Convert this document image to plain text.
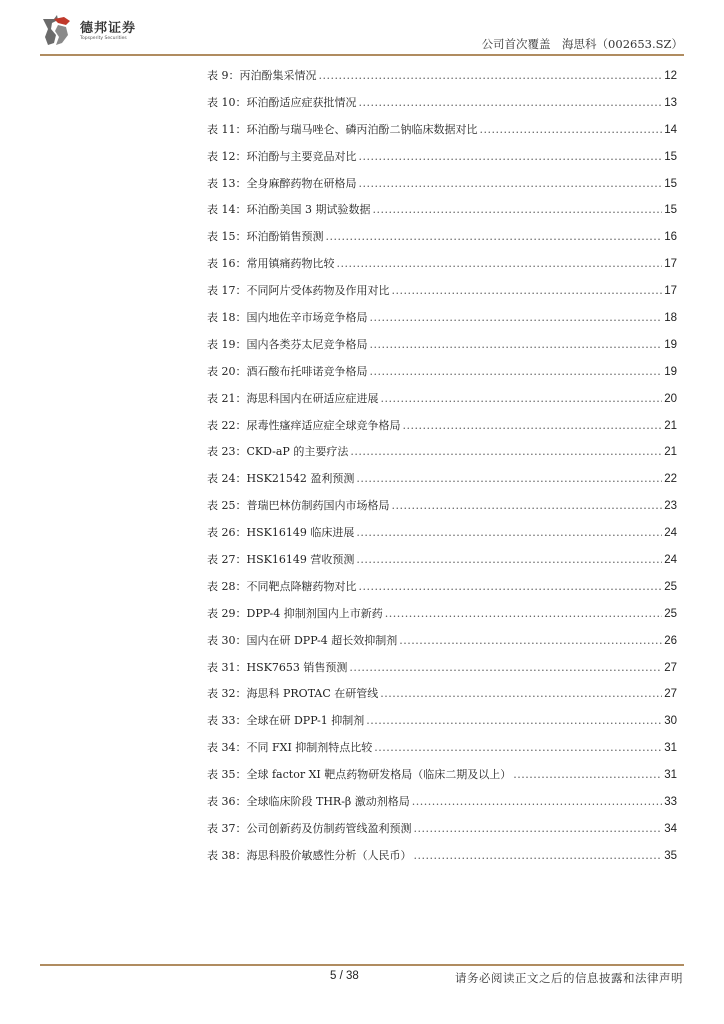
德邦证券
Topsperity Securities	公司首次覆盖　海思科（002653.SZ）
表 9：丙泊酚集采情况 .....	12
表 10：环泊酚适应症获批情况 .....	13
表 11：环泊酚与瑞马唑仑、磷丙泊酚二钠临床数据对比 .....	14
表 12：环泊酚与主要竞品对比 .....	15
表 13：全身麻醉药物在研格局 .....	15
表 14：环泊酚美国 3 期试验数据 .....	15
表 15：环泊酚销售预测 .....	16
表 16：常用镇痛药物比较 .....	17
表 17：不同阿片受体药物及作用对比 .....	17
表 18：国内地佐辛市场竞争格局 .....	18
表 19：国内各类芬太尼竞争格局 .....	19
表 20：酒石酸布托啡诺竞争格局 .....	19
表 21：海思科国内在研适应症进展 .....	20
表 22：尿毒性瘙痒适应症全球竞争格局 .....	21
表 23：CKD-aP 的主要疗法 .....	21
表 24：HSK21542 盈利预测 .....	22
表 25：普瑞巴林仿制药国内市场格局 .....	23
表 26：HSK16149 临床进展 .....	24
表 27：HSK16149 营收预测 .....	24
表 28：不同靶点降糖药物对比 .....	25
表 29：DPP-4 抑制剂国内上市新药 .....	25
表 30：国内在研 DPP-4 超长效抑制剂 .....	26
表 31：HSK7653 销售预测 .....	27
表 32：海思科 PROTAC 在研管线 .....	27
表 33：全球在研 DPP-1 抑制剂 .....	30
表 34：不同 FXI 抑制剂特点比较 .....	31
表 35：全球 factor XI 靶点药物研发格局（临床二期及以上） .....	31
表 36：全球临床阶段 THR-β 激动剂格局 .....	33
表 37：公司创新药及仿制药管线盈利预测 .....	34
表 38：海思科股价敏感性分析（人民币） .....	35
5 / 38	请务必阅读正文之后的信息披露和法律声明
